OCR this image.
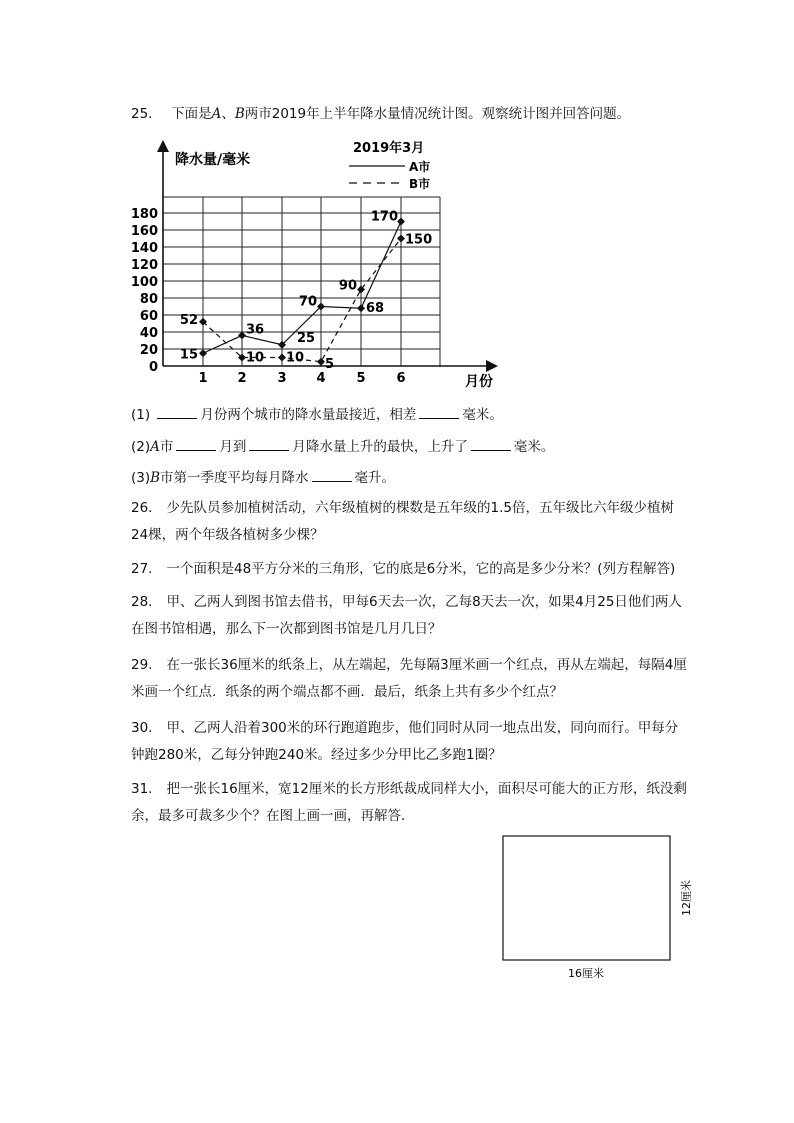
25. 下面是A、B两市2019年上半年降水量情况统计图。观察统计图并回答问题。
0
20
40
60
80
100
120
140
160
180
1 2 3 4 5 6
15
36
25
70	68
170
52
10 10 5
90
150
降水量/毫米
月份
2019年3月
A市
B市
(1)	月份两个城市的降水量最接近，相差	毫米。
(2)A市	月到	月降水量上升的最快，上升了	毫米。
(3)B市第一季度平均每月降水	毫升。
26. 少先队员参加植树活动，六年级植树的棵数是五年级的1.5倍，五年级比六年级少植树24棵，两个年级各植树多少棵？
27. 一个面积是48平方分米的三角形，它的底是6分米，它的高是多少分米？(列方程解答)
28. 甲、乙两人到图书馆去借书，甲每6天去一次，乙每8天去一次，如果4月25日他们两人在图书馆相遇，那么下一次都到图书馆是几月几日？
29. 在一张长36厘米的纸条上，从左端起，先每隔3厘米画一个红点，再从左端起，每隔4厘米画一个红点．纸条的两个端点都不画．最后，纸条上共有多少个红点？
30. 甲、乙两人沿着300米的环行跑道跑步，他们同时从同一地点出发，同向而行。甲每分钟跑280米，乙每分钟跑240米。经过多少分甲比乙多跑1圈？
31. 把一张长16厘米，宽12厘米的长方形纸裁成同样大小，面积尽可能大的正方形，纸没剩余，最多可裁多少个？在图上画一画，再解答．
16厘米
12厘米
